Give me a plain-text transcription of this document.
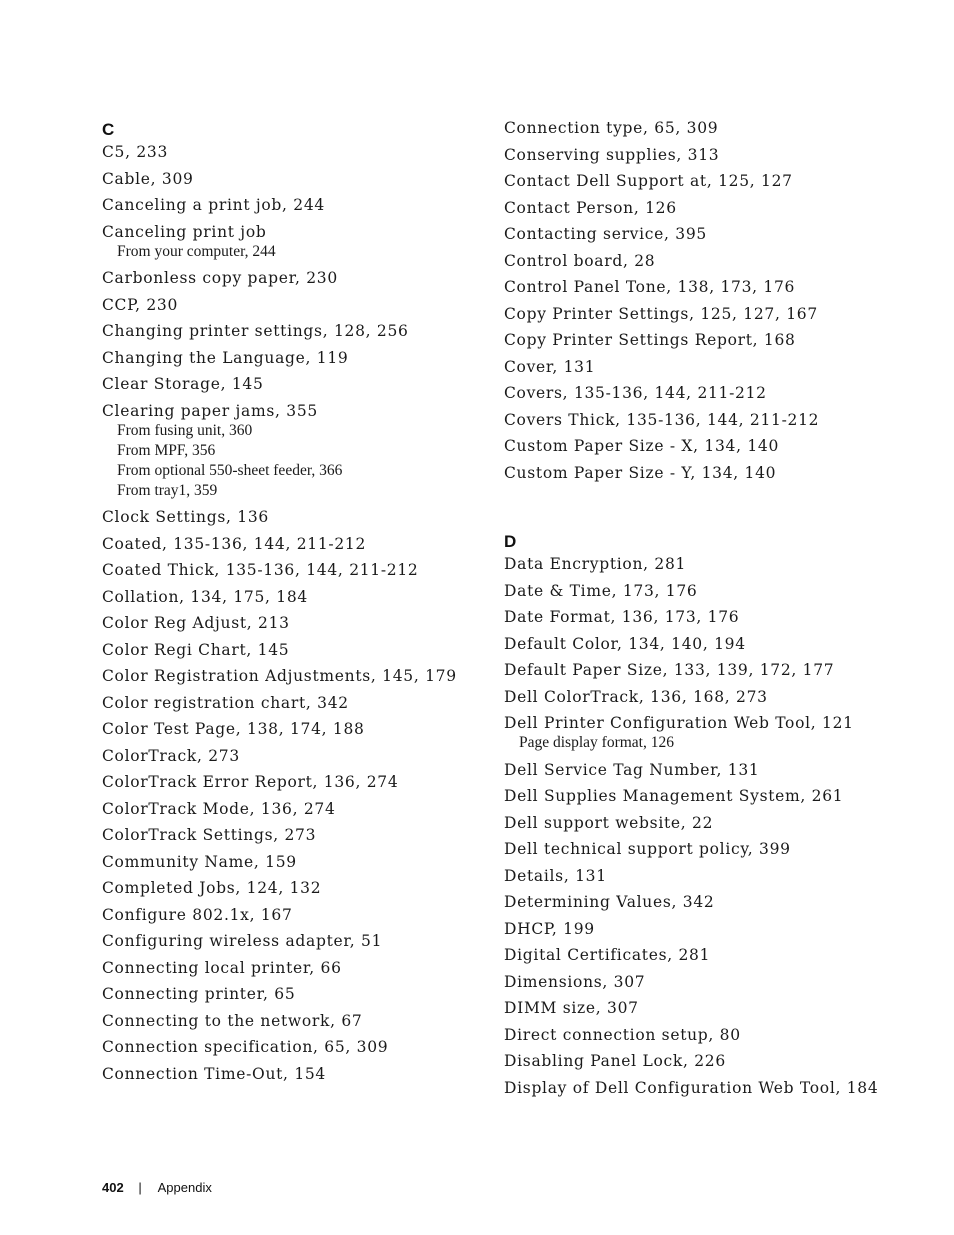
C
C5, 233
Cable, 309
Canceling a print job, 244
Canceling print job
From your computer, 244
Carbonless copy paper, 230
CCP, 230
Changing printer settings, 128, 256
Changing the Language, 119
Clear Storage, 145
Clearing paper jams, 355
From fusing unit, 360
From MPF, 356
From optional 550-sheet feeder, 366
From tray1, 359
Clock Settings, 136
Coated, 135-136, 144, 211-212
Coated Thick, 135-136, 144, 211-212
Collation, 134, 175, 184
Color Reg Adjust, 213
Color Regi Chart, 145
Color Registration Adjustments, 145, 179
Color registration chart, 342
Color Test Page, 138, 174, 188
ColorTrack, 273
ColorTrack Error Report, 136, 274
ColorTrack Mode, 136, 274
ColorTrack Settings, 273
Community Name, 159
Completed Jobs, 124, 132
Configure 802.1x, 167
Configuring wireless adapter, 51
Connecting local printer, 66
Connecting printer, 65
Connecting to the network, 67
Connection specification, 65, 309
Connection Time-Out, 154
Connection type, 65, 309
Conserving supplies, 313
Contact Dell Support at, 125, 127
Contact Person, 126
Contacting service, 395
Control board, 28
Control Panel Tone, 138, 173, 176
Copy Printer Settings, 125, 127, 167
Copy Printer Settings Report, 168
Cover, 131
Covers, 135-136, 144, 211-212
Covers Thick, 135-136, 144, 211-212
Custom Paper Size - X, 134, 140
Custom Paper Size - Y, 134, 140
D
Data Encryption, 281
Date & Time, 173, 176
Date Format, 136, 173, 176
Default Color, 134, 140, 194
Default Paper Size, 133, 139, 172, 177
Dell ColorTrack, 136, 168, 273
Dell Printer Configuration Web Tool, 121
Page display format, 126
Dell Service Tag Number, 131
Dell Supplies Management System, 261
Dell support website, 22
Dell technical support policy, 399
Details, 131
Determining Values, 342
DHCP, 199
Digital Certificates, 281
Dimensions, 307
DIMM size, 307
Direct connection setup, 80
Disabling Panel Lock, 226
Display of Dell Configuration Web Tool, 184
402 | Appendix
